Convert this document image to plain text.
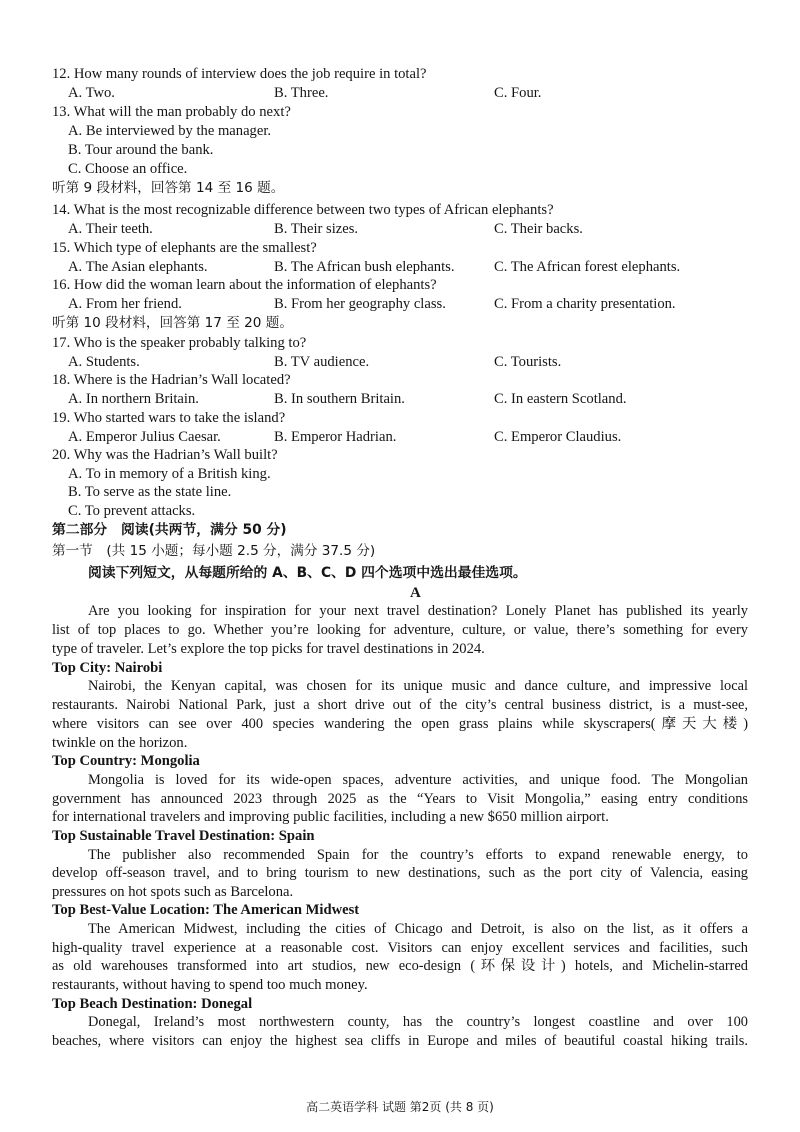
12. How many rounds of interview does the job require in total?
A. Two.	B. Three.	C. Four.
13. What will the man probably do next?
A. Be interviewed by the manager.
B. Tour around the bank.
C. Choose an office.
听第 9 段材料，回答第 14 至 16 题。
14. What is the most recognizable difference between two types of African elephants?
A. Their teeth.	B. Their sizes.	C. Their backs.
15. Which type of elephants are the smallest?
A. The Asian elephants.	B. The African bush elephants.	C. The African forest elephants.
16. How did the woman learn about the information of elephants?
A. From her friend.	B. From her geography class.	C. From a charity presentation.
听第 10 段材料，回答第 17 至 20 题。
17. Who is the speaker probably talking to?
A. Students.	B. TV audience.	C. Tourists.
18. Where is the Hadrian’s Wall located?
A. In northern Britain.	B. In southern Britain.	C. In eastern Scotland.
19. Who started wars to take the island?
A. Emperor Julius Caesar.	B. Emperor Hadrian.	C. Emperor Claudius.
20. Why was the Hadrian’s Wall built?
A. To in memory of a British king.
B. To serve as the state line.
C. To prevent attacks.
第二部分　阅读(共两节，满分 50 分)
第一节　(共 15 小题；每小题 2.5 分，满分 37.5 分)
阅读下列短文，从每题所给的 A、B、C、D 四个选项中选出最佳选项。
A
Are you looking for inspiration for your next travel destination? Lonely Planet has published its yearly
list of top places to go. Whether you’re looking for adventure, culture, or value, there’s something for every
type of traveler. Let’s explore the top picks for travel destinations in 2024.
Top City: Nairobi
Nairobi, the Kenyan capital, was chosen for its unique music and dance culture, and impressive local
restaurants. Nairobi National Park, just a short drive out of the city’s central business district, is a must-see,
where visitors can see over 400 species wandering the open grass plains while skyscrapers(摩天大楼)
twinkle on the horizon.
Top Country: Mongolia
Mongolia is loved for its wide-open spaces, adventure activities, and unique food. The Mongolian
government has announced 2023 through 2025 as the “Years to Visit Mongolia,” easing entry conditions
for international travelers and improving public facilities, including a new $650 million airport.
Top Sustainable Travel Destination: Spain
The publisher also recommended Spain for the country’s efforts to expand renewable energy, to
develop off-season travel, and to bring tourism to new destinations, such as the port city of Valencia, easing
pressures on hot spots such as Barcelona.
Top Best-Value Location: The American Midwest
The American Midwest, including the cities of Chicago and Detroit, is also on the list, as it offers a
high-quality travel experience at a reasonable cost. Visitors can enjoy excellent services and facilities, such
as old warehouses transformed into art studios, new eco-design (环保设计) hotels, and Michelin-starred
restaurants, without having to spend too much money.
Top Beach Destination: Donegal
Donegal, Ireland’s most northwestern county, has the country’s longest coastline and over 100
beaches, where visitors can enjoy the highest sea cliffs in Europe and miles of beautiful coastal hiking trails.
高二英语学科 试题 第2页 (共 8 页)
